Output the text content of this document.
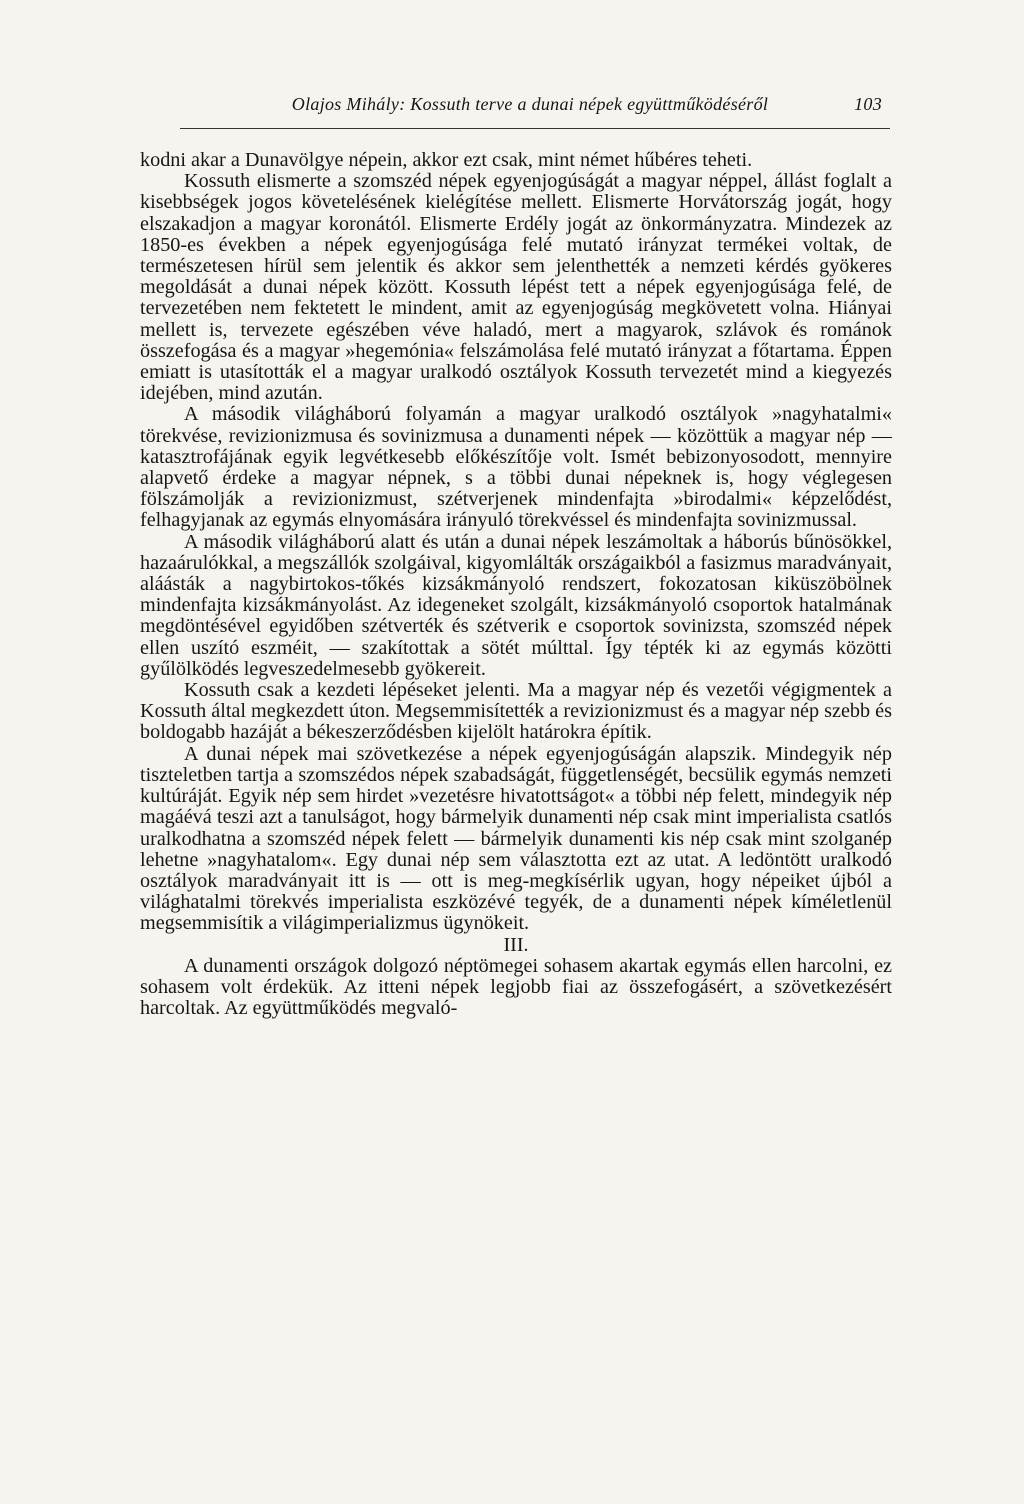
Olajos Mihály: Kossuth terve a dunai népek együttműködéséről	103

kodni akar a Dunavölgye népein, akkor ezt csak, mint német hűbéres teheti.

Kossuth elismerte a szomszéd népek egyenjogúságát a magyar néppel, állást foglalt a kisebbségek jogos követelésének kielégítése mellett. Elismerte Horvátország jogát, hogy elszakadjon a magyar koronától. Elismerte Erdély jogát az önkormányzatra. Mindezek az 1850-es években a népek egyenjogúsága felé mutató irányzat termékei voltak, de természetesen hírül sem jelentik és akkor sem jelenthették a nemzeti kérdés gyökeres megoldását a dunai népek között. Kossuth lépést tett a népek egyenjogúsága felé, de tervezetében nem fektetett le mindent, amit az egyenjogúság megkövetett volna. Hiányai mellett is, tervezete egészében véve haladó, mert a magyarok, szlávok és románok összefogása és a magyar »hegemónia« felszámolása felé mutató irányzat a főtartama. Éppen emiatt is utasították el a magyar uralkodó osztályok Kossuth tervezetét mind a kiegyezés idejében, mind azután.

A második világháború folyamán a magyar uralkodó osztályok »nagyhatalmi« törekvése, revizionizmusa és sovinizmusa a dunamenti népek — közöttük a magyar nép — katasztrofájának egyik legvétkesebb előkészítője volt. Ismét bebizonyosodott, mennyire alapvető érdeke a magyar népnek, s a többi dunai népeknek is, hogy véglegesen fölszámolják a revizionizmust, szétverjenek mindenfajta »birodalmi« képzelődést, felhagyjanak az egymás elnyomására irányuló törekvéssel és mindenfajta sovinizmussal.

A második világháború alatt és után a dunai népek leszámoltak a háborús bűnösökkel, hazaárulókkal, a megszállók szolgáival, kigyomlálták országaikból a fasizmus maradványait, aláásták a nagybirtokos-tőkés kizsákmányoló rendszert, fokozatosan kiküszöbölnek mindenfajta kizsákmányolást. Az idegeneket szolgált, kizsákmányoló csoportok hatalmának megdöntésével egyidőben szétverték és szétverik e csoportok sovinizsta, szomszéd népek ellen uszító eszméit, — szakítottak a sötét múlttal. Így tépték ki az egymás közötti gyűlölködés legveszedelmesebb gyökereit.

Kossuth csak a kezdeti lépéseket jelenti. Ma a magyar nép és vezetői végigmentek a Kossuth által megkezdett úton. Megsemmisítették a revizionizmust és a magyar nép szebb és boldogabb hazáját a békeszerződésben kijelölt határokra építik.

A dunai népek mai szövetkezése a népek egyenjogúságán alapszik. Mindegyik nép tiszteletben tartja a szomszédos népek szabadságát, függetlenségét, becsülik egymás nemzeti kultúráját. Egyik nép sem hirdet »vezetésre hivatottságot« a többi nép felett, mindegyik nép magáévá teszi azt a tanulságot, hogy bármelyik dunamenti nép csak mint imperialista csatlós uralkodhatna a szomszéd népek felett — bármelyik dunamenti kis nép csak mint szolganép lehetne »nagyhatalom«. Egy dunai nép sem választotta ezt az utat. A ledöntött uralkodó osztályok maradványait itt is — ott is meg-megkísérlik ugyan, hogy népeiket újból a világhatalmi törekvés imperialista eszközévé tegyék, de a dunamenti népek kíméletlenül megsemmisítik a világimperializmus ügynökeit.

III.

A dunamenti országok dolgozó néptömegei sohasem akartak egymás ellen harcolni, ez sohasem volt érdekük. Az itteni népek legjobb fiai az összefogásért, a szövetkezésért harcoltak. Az együttműködés megvaló-
